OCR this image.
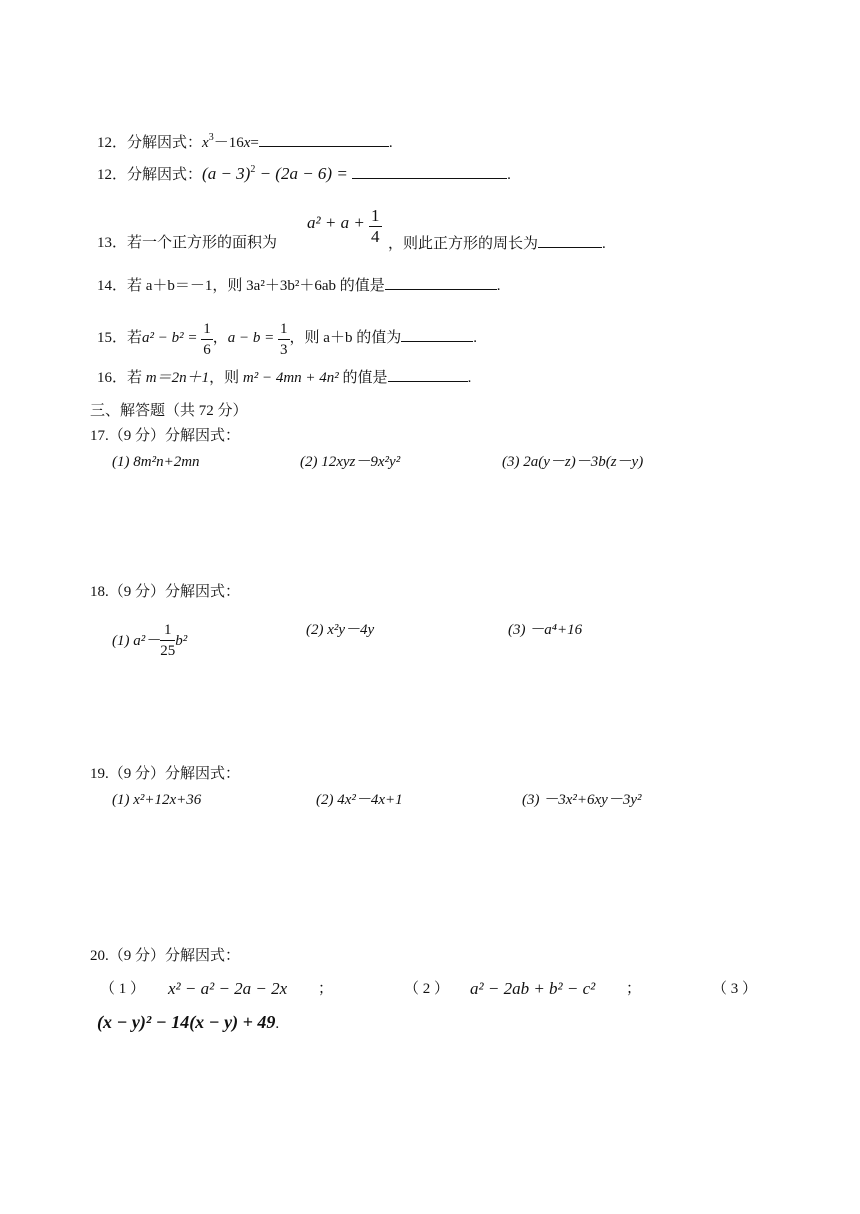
12．分解因式：$x^3-16x=$	.
12．分解因式：$(a - 3)^2 - (2a - 6)$ =	.
13．若一个正方形的面积为
$a^2 + a + \frac{1}{4}$ ，则此正方形的周长为	.
14．若 a＋b＝－1，则 3a²＋3b²＋6ab 的值是	.
15．若$a^2 - b^2 = \frac{1}{6}$ ，$a - b = \frac{1}{3}$ ，则 a＋b 的值为	.
16．若 m＝2n＋1，则 m² − 4mn + 4n² 的值是	.
三、解答题（共 72 分）
17.（9 分）分解因式：
(1) 8m²n+2mn	(2) 12xyz－9x²y²	(3) 2a(y－z)－3b(z－y)
18.（9 分）分解因式：
(1) $a^2- \frac{1}{25} b^2$
(2) x²y－4y	(3) －a⁴+16
19.（9 分）分解因式：
(1) x²+12x+36	(2) 4x²－4x+1	(3) －3x²+6xy－3y²
20.（9 分）分解因式：
（ 1 ） x² − a² − 2a − 2x ；	（ 2 ） a² − 2ab + b² − c² ；	（ 3 ）
(x − y)² − 14(x − y) + 49.
